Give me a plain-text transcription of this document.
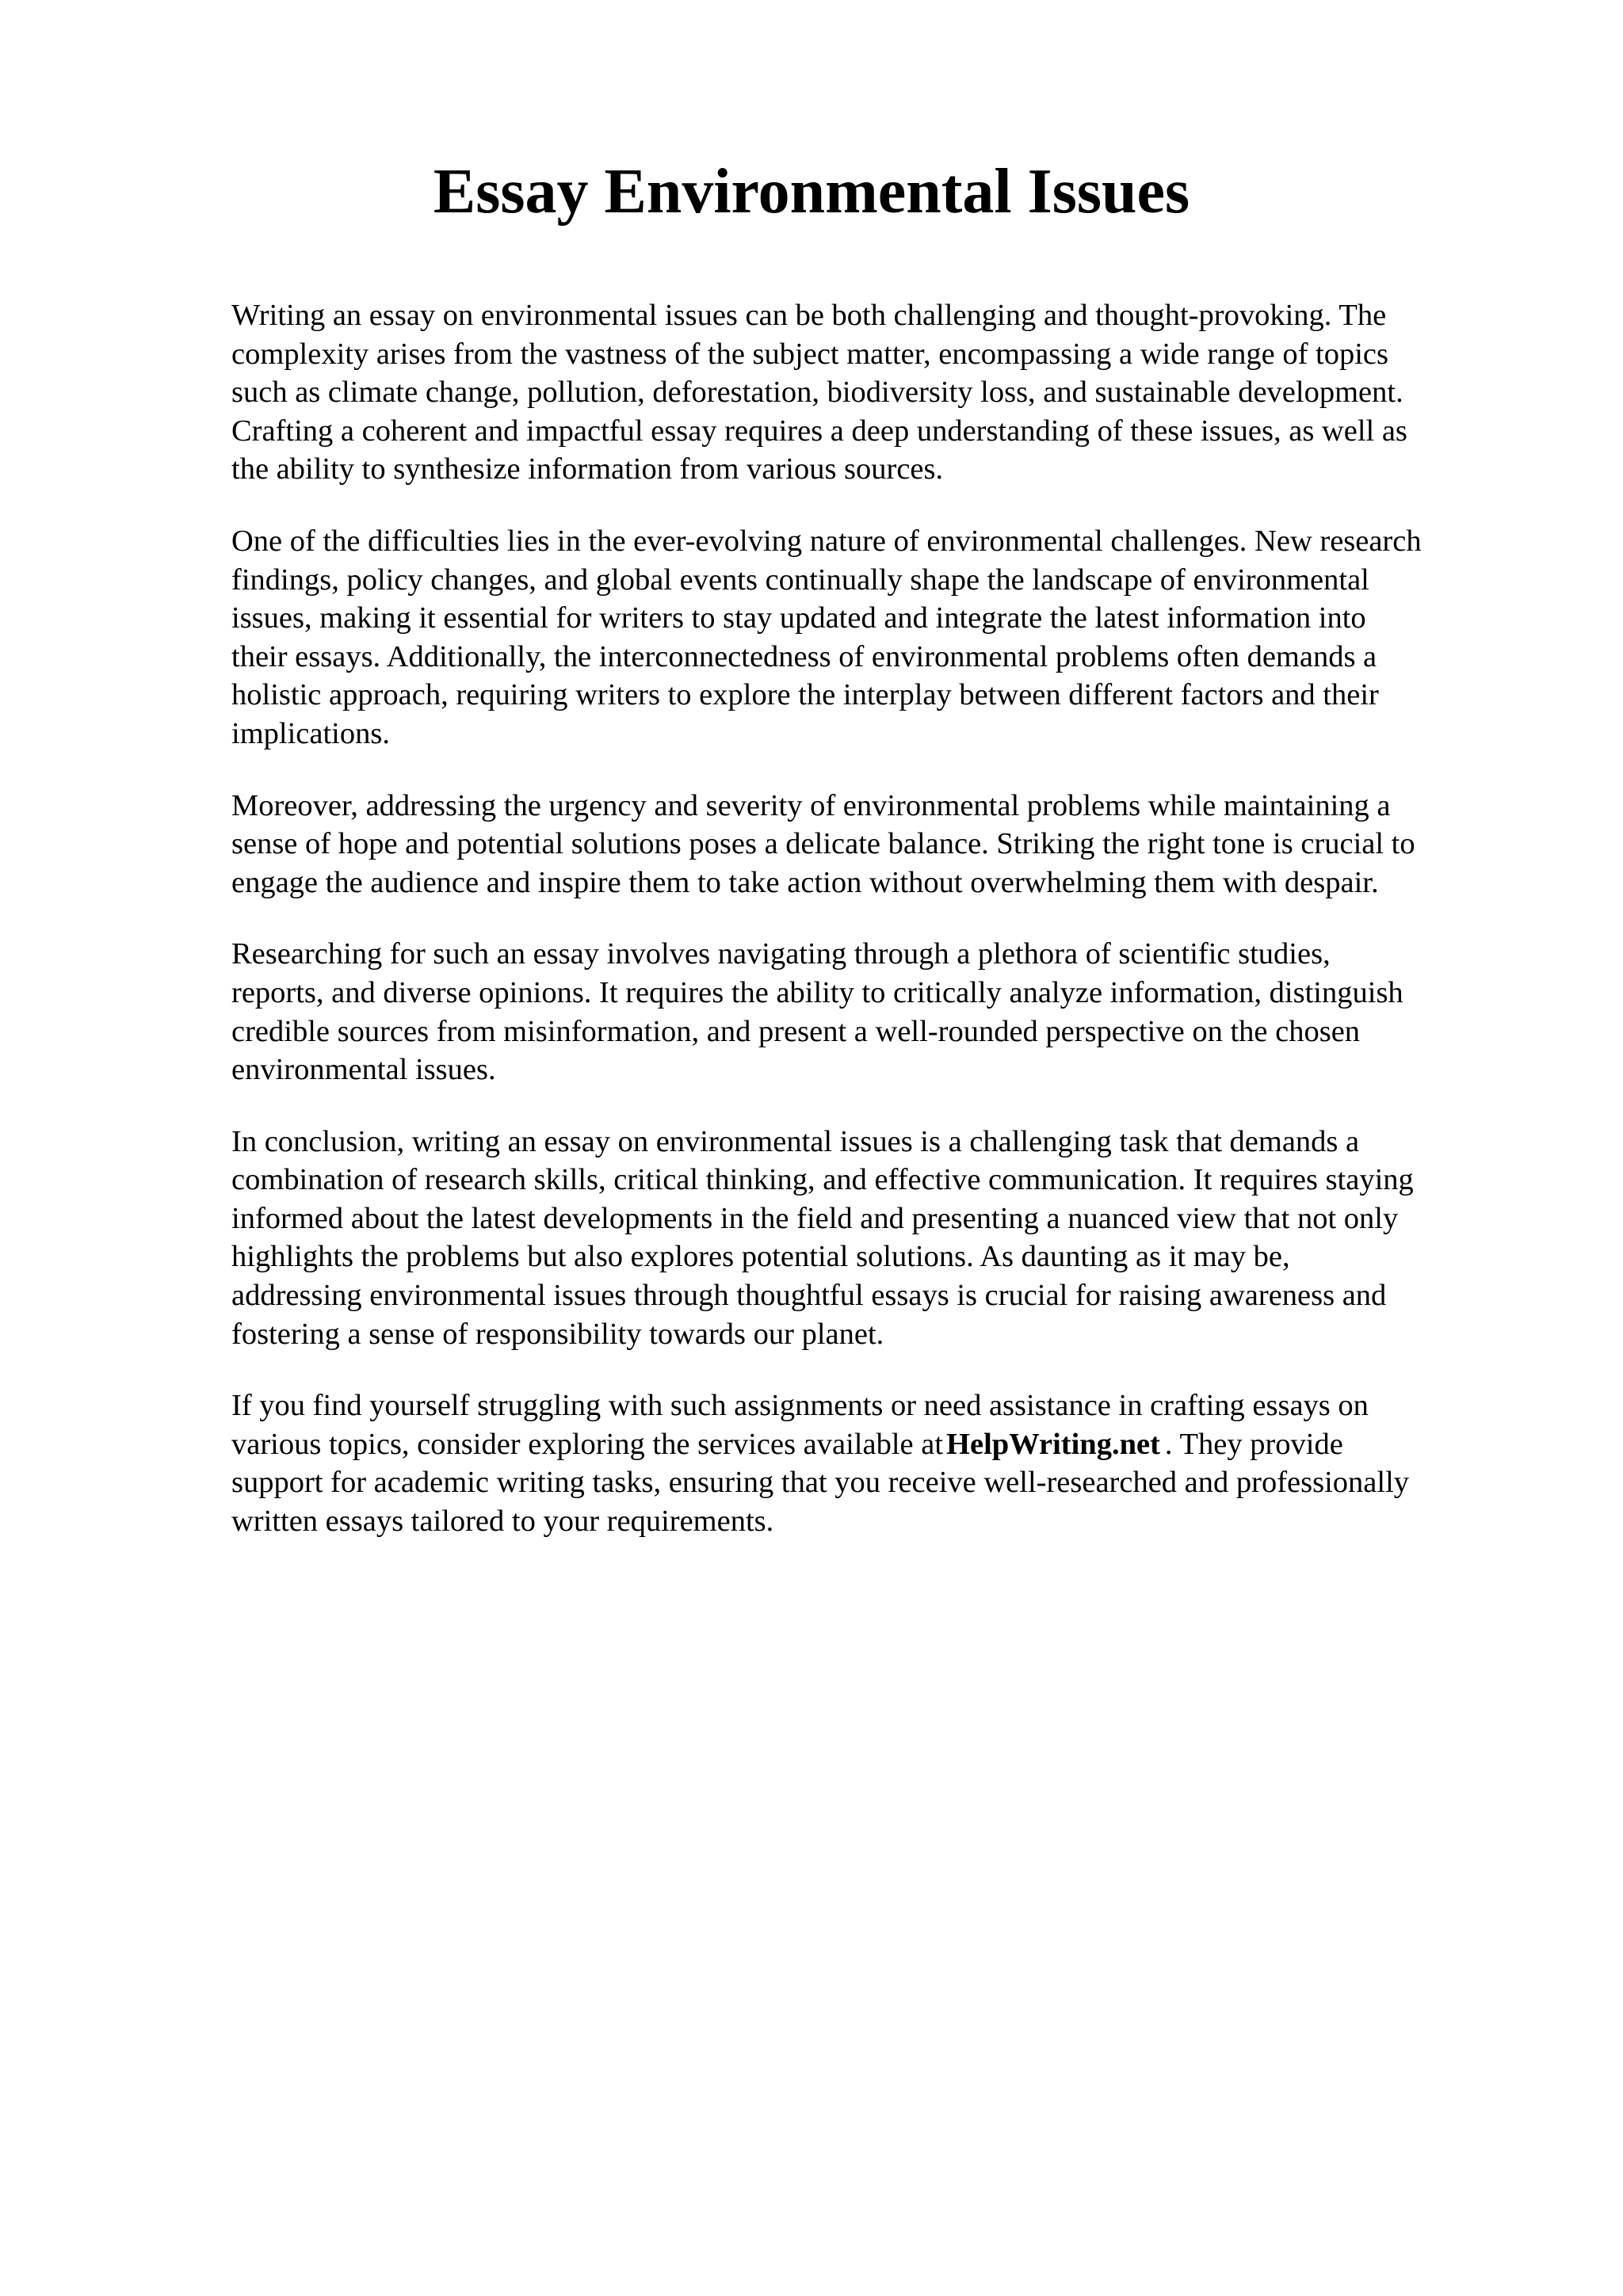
Essay Environmental Issues

Writing an essay on environmental issues can be both challenging and thought-provoking. The
complexity arises from the vastness of the subject matter, encompassing a wide range of topics
such as climate change, pollution, deforestation, biodiversity loss, and sustainable development.
Crafting a coherent and impactful essay requires a deep understanding of these issues, as well as
the ability to synthesize information from various sources.

One of the difficulties lies in the ever-evolving nature of environmental challenges. New research
findings, policy changes, and global events continually shape the landscape of environmental
issues, making it essential for writers to stay updated and integrate the latest information into
their essays. Additionally, the interconnectedness of environmental problems often demands a
holistic approach, requiring writers to explore the interplay between different factors and their
implications.

Moreover, addressing the urgency and severity of environmental problems while maintaining a
sense of hope and potential solutions poses a delicate balance. Striking the right tone is crucial to
engage the audience and inspire them to take action without overwhelming them with despair.

Researching for such an essay involves navigating through a plethora of scientific studies,
reports, and diverse opinions. It requires the ability to critically analyze information, distinguish
credible sources from misinformation, and present a well-rounded perspective on the chosen
environmental issues.

In conclusion, writing an essay on environmental issues is a challenging task that demands a
combination of research skills, critical thinking, and effective communication. It requires staying
informed about the latest developments in the field and presenting a nuanced view that not only
highlights the problems but also explores potential solutions. As daunting as it may be,
addressing environmental issues through thoughtful essays is crucial for raising awareness and
fostering a sense of responsibility towards our planet.

If you find yourself struggling with such assignments or need assistance in crafting essays on
various topics, consider exploring the services available at HelpWriting.net . They provide
support for academic writing tasks, ensuring that you receive well-researched and professionally
written essays tailored to your requirements.
